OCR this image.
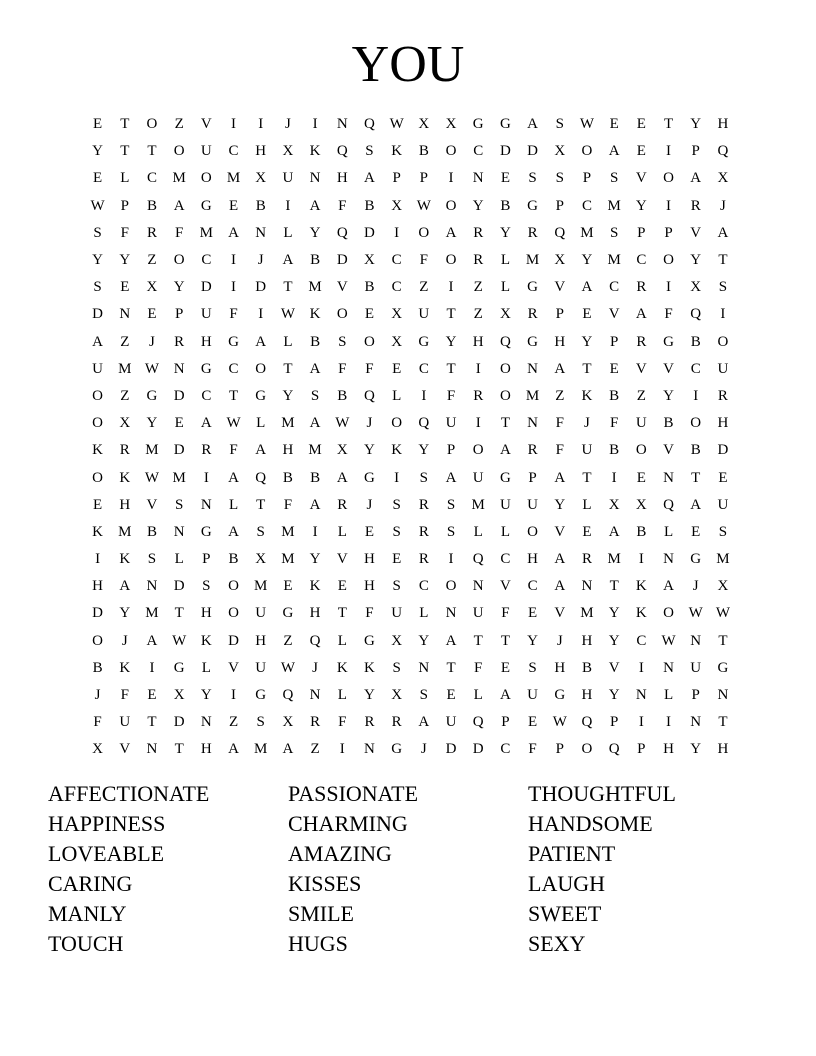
YOU
E	T	O	Z	V	I	I	J	I	N	Q W X	X	G	G	A	S	W	E	E	T	Y	H
Y	T	T	O	U	C	H	X	K	Q	S	K	B	O	C	D	D	X	O	A	E	I	P	Q
E	L	C	M	O	M	X	U	N	H	A	P	P	I	N	E	S	S	P	S	V	O	A	X
W	P	B	A	G	E	B	I	A	F	B	X W O	Y	B	G	P	C	M	Y	I	R	J
S	F	R	F	M	A	N	L	Y	Q	D	I	O	A	R	Y	R	Q	M	S	P	P	V	A
Y	Y	Z	O	C	I	J	A	B	D	X	C	F	O	R	L	M	X	Y	M	C	O	Y	T
S	E	X	Y	D	I	D	T	M	V	B	C	Z	I	Z	L	G	V	A	C	R	I	X	S
D	N	E	P	U	F	I	W K	O	E	X	U	T	Z	X	R	P	E	V	A	F	Q	I
A	Z	J	R	H	G	A	L	B	S	O	X	G	Y	H	Q	G	H	Y	P	R	G	B	O
U	M W N	G	C	O	T	A	F	F	E	C	T	I	O	N	A	T	E	V	V	C	U
O	Z	G	D	C	T	G	Y	S	B	Q	L	I	F	R	O	M	Z	K	B	Z	Y	I	R
O	X	Y	E	A W	L	M	A W	J	O	Q	U	I	T	N	F	J	F	U	B	O	H
K	R	M	D	R	F	A	H	M	X	Y	K	Y	P	O	A	R	F	U	B	O	V	B	D
O	K W M	I	A	Q	B	B	A	G	I	S	A	U	G	P	A	T	I	E	N	T	E
E	H	V	S	N	L	T	F	A	R	J	S	R	S	M	U	U	Y	L	X	X	Q	A	U
K	M	B	N	G	A	S	M	I	L	E	S	R	S	L	L	O	V	E	A	B	L	E	S
I	K	S	L	P	B	X	M	Y	V	H	E	R	I	Q	C	H	A	R	M	I	N	G	M
H	A	N	D	S	O	M	E	K	E	H	S	C	O	N	V	C	A	N	T	K	A	J	X
D	Y	M	T	H	O	U	G	H	T	F	U	L	N	U	F	E	V	M	Y	K	O W W
O	J	A W K	D	H	Z	Q	L	G	X	Y	A	T	T	Y	J	H	Y	C	W N	T
B	K	I	G	L	V	U W	J	K	K	S	N	T	F	E	S	H	B	V	I	N	U	G
J	F	E	X	Y	I	G	Q	N	L	Y	X	S	E	L	A	U	G	H	Y	N	L	P	N
F	U	T	D	N	Z	S	X	R	F	R	R	A	U	Q	P	E	W Q	P	I	I	N	T
X	V	N	T	H	A	M	A	Z	I	N	G	J	D	D	C	F	P	O	Q	P	H	Y	H
AFFECTIONATE
HAPPINESS
LOVEABLE
CARING
MANLY
TOUCH
PASSIONATE
CHARMING
AMAZING
KISSES
SMILE
HUGS
THOUGHTFUL
HANDSOME
PATIENT
LAUGH
SWEET
SEXY
